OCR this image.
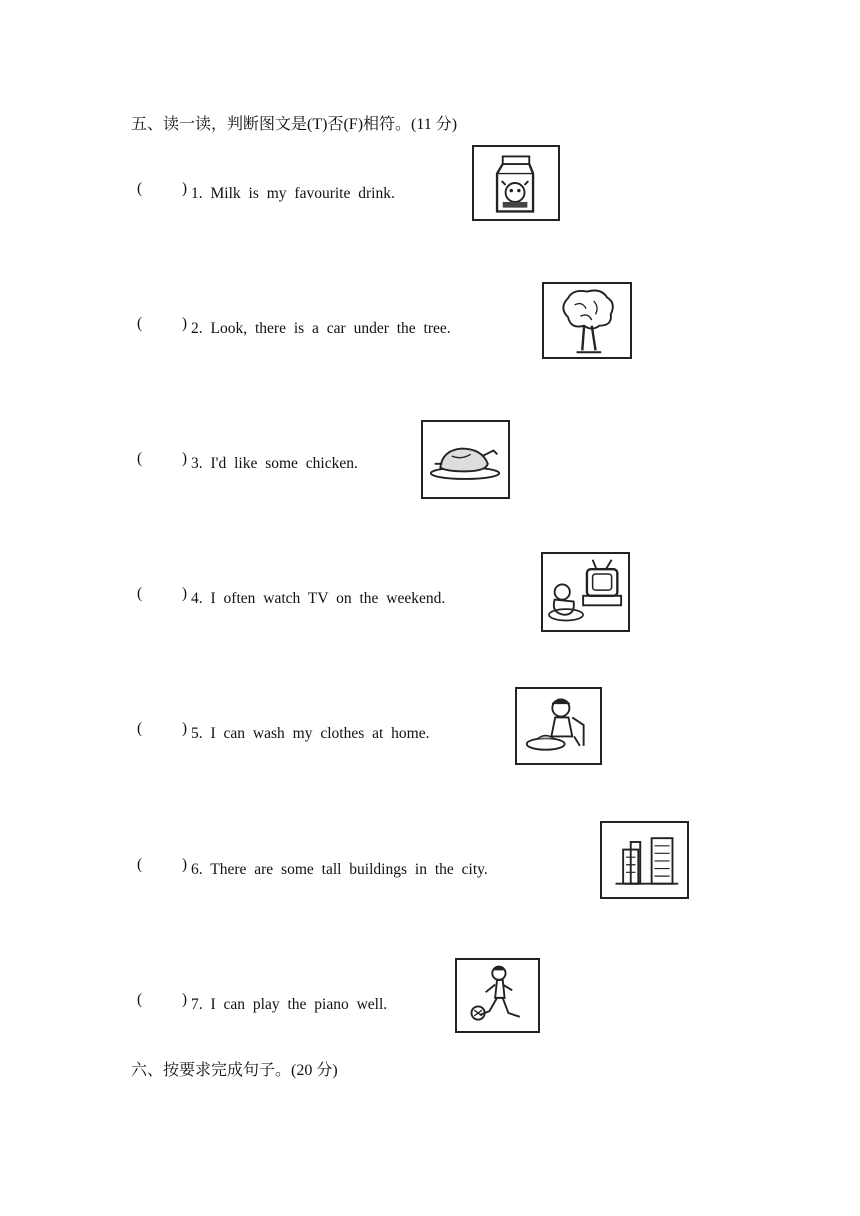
五、读一读，判断图文是(T)否(F)相符。(11 分)
(	) 1. Milk is my favourite drink.
(	) 2. Look, there is a car under the tree.
(	) 3. I'd like some chicken.
(	) 4. I often watch TV on the weekend.
(	) 5. I can wash my clothes at home.
(	) 6. There are some tall buildings in the city.
(	) 7. I can play the piano well.
六、按要求完成句子。(20 分)
